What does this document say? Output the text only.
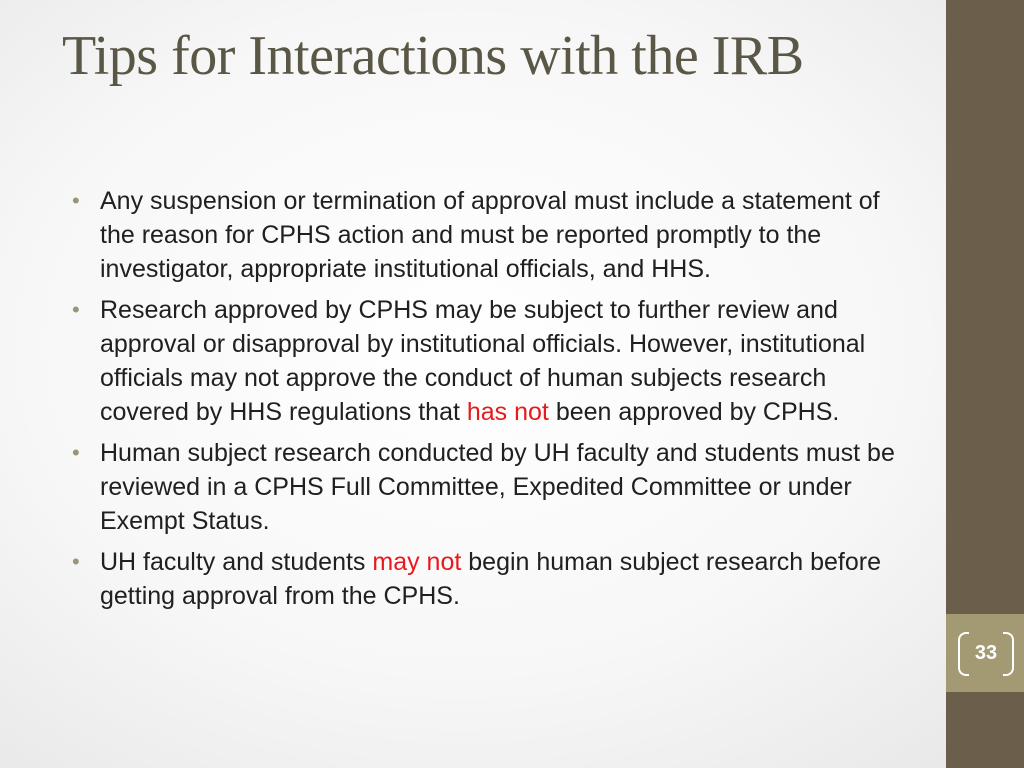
Tips for Interactions with the IRB
• Any suspension or termination of approval must include a statement of the reason for CPHS action and must be reported promptly to the investigator, appropriate institutional officials, and HHS.
• Research approved by CPHS may be subject to further review and approval or disapproval by institutional officials. However, institutional officials may not approve the conduct of human subjects research covered by HHS regulations that has not been approved by CPHS.
• Human subject research conducted by UH faculty and students must be reviewed in a CPHS Full Committee, Expedited Committee or under Exempt Status.
• UH faculty and students may not begin human subject research before getting approval from the CPHS.
33
